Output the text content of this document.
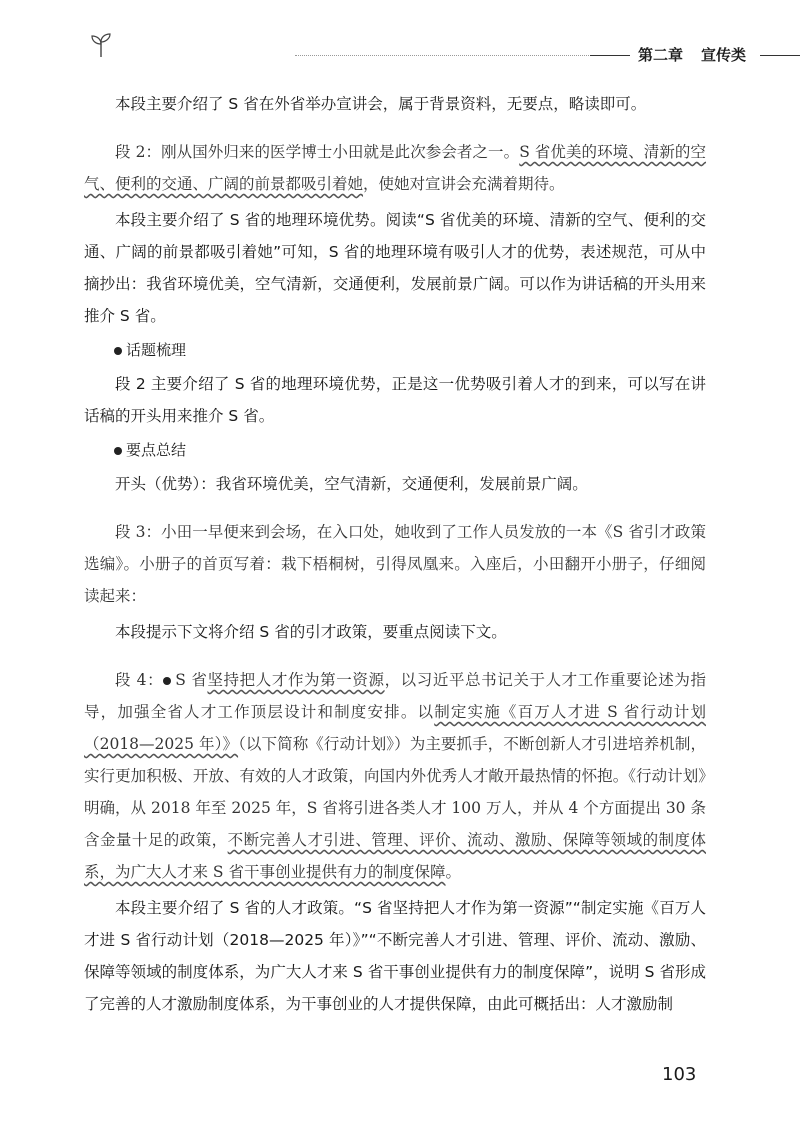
第二章 宣传类

本段主要介绍了 S 省在外省举办宣讲会，属于背景资料，无要点，略读即可。

段 2：刚从国外归来的医学博士小田就是此次参会者之一。S 省优美的环境、清新的空气、便利的交通、广阔的前景都吸引着她，使她对宣讲会充满着期待。

本段主要介绍了 S 省的地理环境优势。阅读“S 省优美的环境、清新的空气、便利的交通、广阔的前景都吸引着她”可知，S 省的地理环境有吸引人才的优势，表述规范，可从中摘抄出：我省环境优美，空气清新，交通便利，发展前景广阔。可以作为讲话稿的开头用来推介 S 省。

话题梳理

段 2 主要介绍了 S 省的地理环境优势，正是这一优势吸引着人才的到来，可以写在讲话稿的开头用来推介 S 省。

要点总结

开头（优势）：我省环境优美，空气清新，交通便利，发展前景广阔。

段 3：小田一早便来到会场，在入口处，她收到了工作人员发放的一本《S 省引才政策选编》。小册子的首页写着：栽下梧桐树，引得凤凰来。入座后，小田翻开小册子，仔细阅读起来：

本段提示下文将介绍 S 省的引才政策，要重点阅读下文。

段 4： S 省坚持把人才作为第一资源，以习近平总书记关于人才工作重要论述为指导，加强全省人才工作顶层设计和制度安排。以制定实施《百万人才进 S 省行动计划（2018—2025 年）》（以下简称《行动计划》）为主要抓手，不断创新人才引进培养机制，实行更加积极、开放、有效的人才政策，向国内外优秀人才敞开最热情的怀抱。《行动计划》明确，从 2018 年至 2025 年，S 省将引进各类人才 100 万人，并从 4 个方面提出 30 条含金量十足的政策，不断完善人才引进、管理、评价、流动、激励、保障等领域的制度体系，为广大人才来 S 省干事创业提供有力的制度保障。

本段主要介绍了 S 省的人才政策。“S 省坚持把人才作为第一资源”“制定实施《百万人才进 S 省行动计划（2018—2025 年）》”“不断完善人才引进、管理、评价、流动、激励、保障等领域的制度体系，为广大人才来 S 省干事创业提供有力的制度保障”，说明 S 省形成了完善的人才激励制度体系，为干事创业的人才提供保障，由此可概括出：人才激励制

103
